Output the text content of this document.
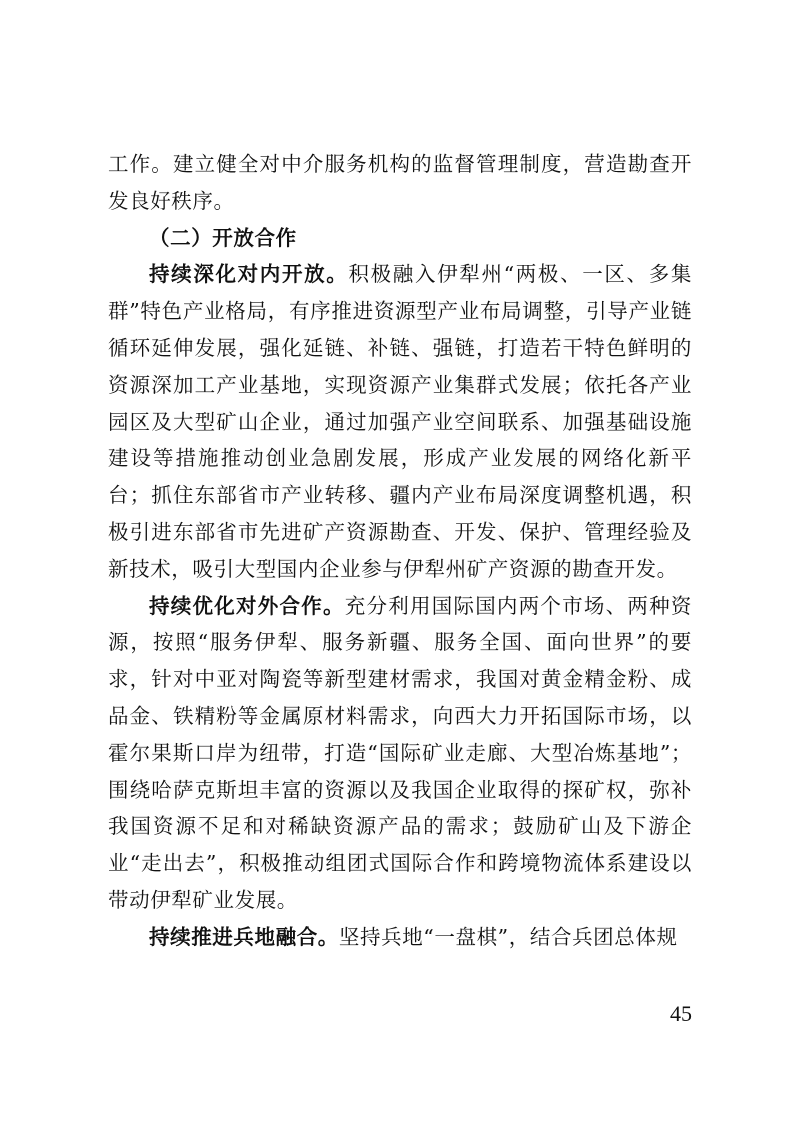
工作。建立健全对中介服务机构的监督管理制度，营造勘查开发良好秩序。

（二）开放合作

持续深化对内开放。积极融入伊犁州“两极、一区、多集群”特色产业格局，有序推进资源型产业布局调整，引导产业链循环延伸发展，强化延链、补链、强链，打造若干特色鲜明的资源深加工产业基地，实现资源产业集群式发展；依托各产业园区及大型矿山企业，通过加强产业空间联系、加强基础设施建设等措施推动创业急剧发展，形成产业发展的网络化新平台；抓住东部省市产业转移、疆内产业布局深度调整机遇，积极引进东部省市先进矿产资源勘查、开发、保护、管理经验及新技术，吸引大型国内企业参与伊犁州矿产资源的勘查开发。

持续优化对外合作。充分利用国际国内两个市场、两种资源，按照“服务伊犁、服务新疆、服务全国、面向世界”的要求，针对中亚对陶瓷等新型建材需求，我国对黄金精金粉、成品金、铁精粉等金属原材料需求，向西大力开拓国际市场，以霍尔果斯口岸为纽带，打造“国际矿业走廊、大型冶炼基地”；围绕哈萨克斯坦丰富的资源以及我国企业取得的探矿权，弥补我国资源不足和对稀缺资源产品的需求；鼓励矿山及下游企业“走出去”，积极推动组团式国际合作和跨境物流体系建设以带动伊犁矿业发展。

持续推进兵地融合。坚持兵地“一盘棋”，结合兵团总体规

45
